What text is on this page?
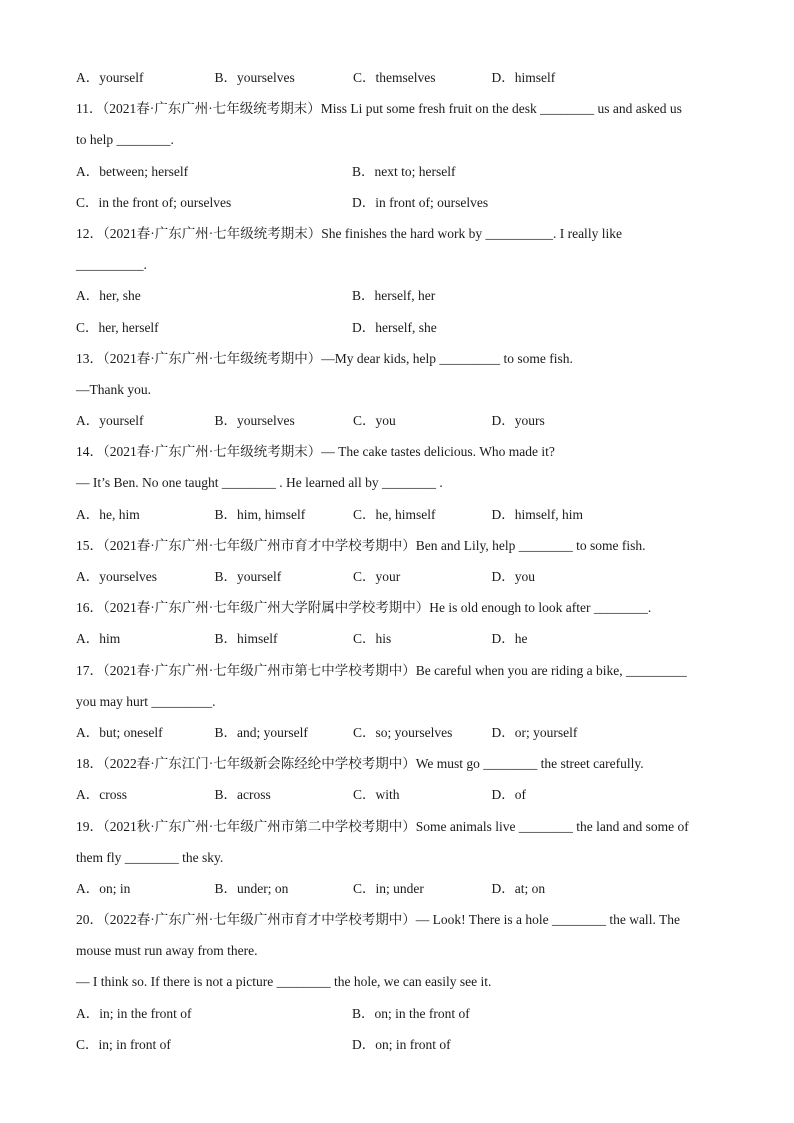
A．yourself	B．yourselves	C．themselves	D．himself
11．（2021春·广东广州·七年级统考期末）Miss Li put some fresh fruit on the desk ________ us and asked us
to help ________.
A．between; herself	B．next to; herself
C．in the front of; ourselves	D．in front of; ourselves
12．（2021春·广东广州·七年级统考期末）She finishes the hard work by __________. I really like
__________.
A．her, she	B．herself, her
C．her, herself	D．herself, she
13．（2021春·广东广州·七年级统考期中）—My dear kids, help _________ to some fish.
—Thank you.
A．yourself	B．yourselves	C．you	D．yours
14．（2021春·广东广州·七年级统考期末）— The cake tastes delicious. Who made it?
— It’s Ben. No one taught ________ . He learned all by ________ .
A．he, him	B．him, himself	C．he, himself	D．himself, him
15．（2021春·广东广州·七年级广州市育才中学校考期中）Ben and Lily, help ________ to some fish.
A．yourselves	B．yourself	C．your	D．you
16．（2021春·广东广州·七年级广州大学附属中学校考期中）He is old enough to look after ________.
A．him	B．himself	C．his	D．he
17．（2021春·广东广州·七年级广州市第七中学校考期中）Be careful when you are riding a bike, _________
you may hurt _________.
A．but; oneself	B．and; yourself	C．so; yourselves	D．or; yourself
18．（2022春·广东江门·七年级新会陈经纶中学校考期中）We must go ________ the street carefully.
A．cross	B．across	C．with	D．of
19．（2021秋·广东广州·七年级广州市第二中学校考期中）Some animals live ________ the land and some of
them fly ________ the sky.
A．on; in	B．under; on	C．in; under	D．at; on
20．（2022春·广东广州·七年级广州市育才中学校考期中）— Look! There is a hole ________ the wall. The
mouse must run away from there.
— I think so. If there is not a picture ________ the hole, we can easily see it.
A．in; in the front of	B．on; in the front of
C．in; in front of	D．on; in front of
